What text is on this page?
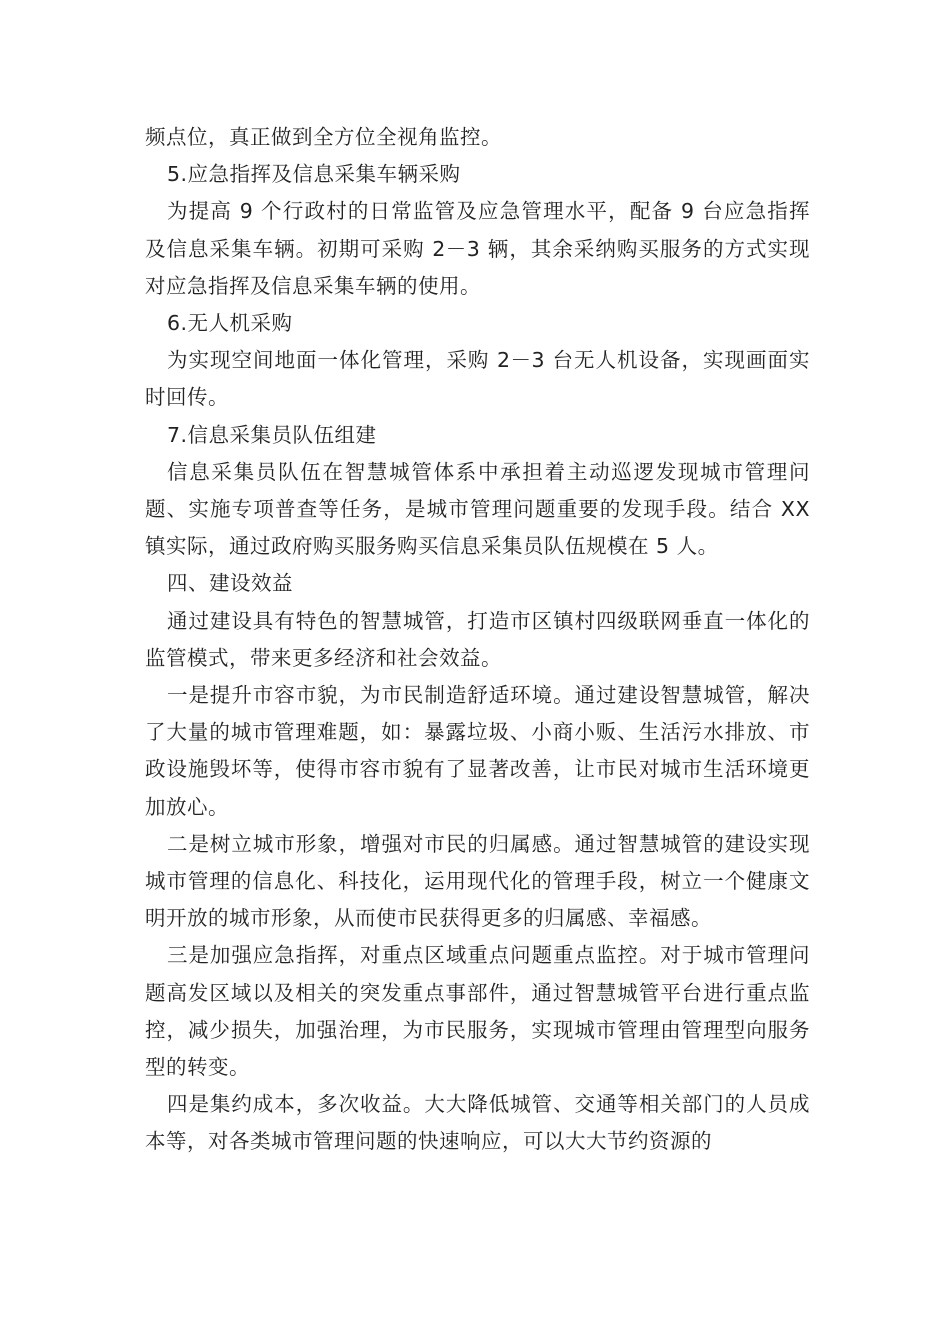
频点位，真正做到全方位全视角监控。

5.应急指挥及信息采集车辆采购

为提高 9 个行政村的日常监管及应急管理水平，配备 9 台应急指挥及信息采集车辆。初期可采购 2－3 辆，其余采纳购买服务的方式实现对应急指挥及信息采集车辆的使用。

6.无人机采购

为实现空间地面一体化管理，采购 2－3 台无人机设备，实现画面实时回传。

7.信息采集员队伍组建

信息采集员队伍在智慧城管体系中承担着主动巡逻发现城市管理问题、实施专项普查等任务，是城市管理问题重要的发现手段。结合 XX 镇实际，通过政府购买服务购买信息采集员队伍规模在 5 人。

四、建设效益

通过建设具有特色的智慧城管，打造市区镇村四级联网垂直一体化的监管模式，带来更多经济和社会效益。

一是提升市容市貌，为市民制造舒适环境。通过建设智慧城管，解决了大量的城市管理难题，如：暴露垃圾、小商小贩、生活污水排放、市政设施毁坏等，使得市容市貌有了显著改善，让市民对城市生活环境更加放心。

二是树立城市形象，增强对市民的归属感。通过智慧城管的建设实现城市管理的信息化、科技化，运用现代化的管理手段，树立一个健康文明开放的城市形象，从而使市民获得更多的归属感、幸福感。

三是加强应急指挥，对重点区域重点问题重点监控。对于城市管理问题高发区域以及相关的突发重点事部件，通过智慧城管平台进行重点监控，减少损失，加强治理，为市民服务，实现城市管理由管理型向服务型的转变。

四是集约成本，多次收益。大大降低城管、交通等相关部门的人员成本等，对各类城市管理问题的快速响应，可以大大节约资源的
